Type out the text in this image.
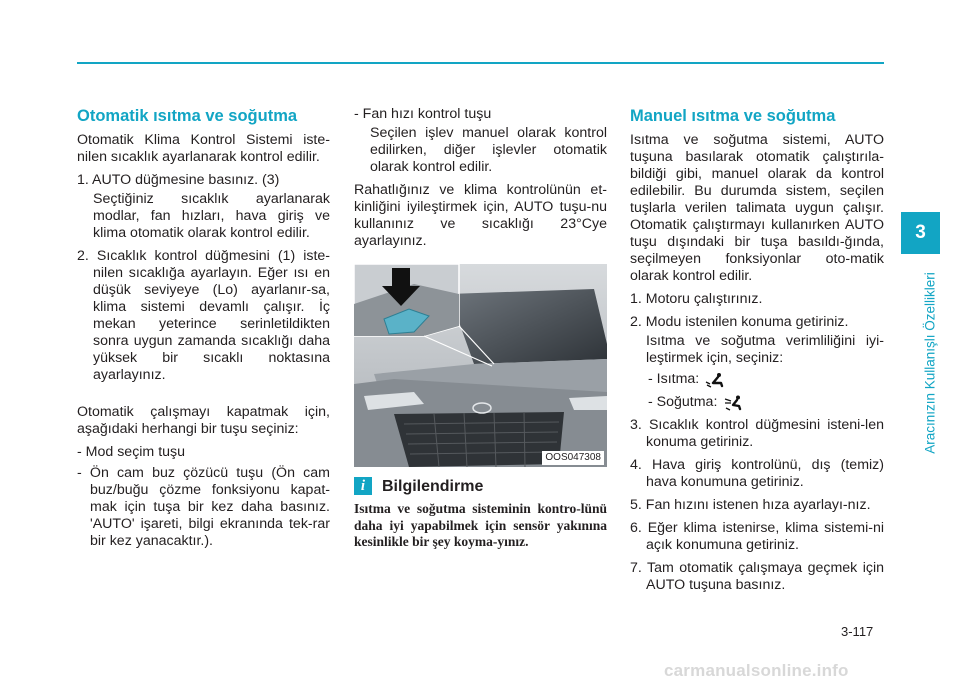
Otomatik ısıtma ve soğutma

Otomatik Klima Kontrol Sistemi iste-nilen sıcaklık ayarlanarak kontrol edilir.

1. AUTO düğmesine basınız. (3)
Seçtiğiniz sıcaklık ayarlanarak modlar, fan hızları, hava giriş ve klima otomatik olarak kontrol edilir.
2. Sıcaklık kontrol düğmesini (1) iste-nilen sıcaklığa ayarlayın. Eğer ısı en düşük seviyeye (Lo) ayarlanır-sa, klima sistemi devamlı çalışır. İç mekan yeterince serinletildikten sonra uygun zamanda sıcaklığı daha yüksek bir sıcaklı noktasına ayarlayınız.

Otomatik çalışmayı kapatmak için, aşağıdaki herhangi bir tuşu seçiniz:

- Mod seçim tuşu
- Ön cam buz çözücü tuşu (Ön cam buz/buğu çözme fonksiyonu kapat-mak için tuşa bir kez daha basınız. 'AUTO' işareti, bilgi ekranında tek-rar bir kez yanacaktır.).
- Fan hızı kontrol tuşu
Seçilen işlev manuel olarak kontrol edilirken, diğer işlevler otomatik olarak kontrol edilir.

Rahatlığınız ve klima kontrolünün et-kinliğini iyileştirmek için, AUTO tuşu-nu kullanınız ve sıcaklığı 23°Cye ayarlayınız.

OOS047308
i	Bilgilendirme
Isıtma ve soğutma sisteminin kontro-lünü daha iyi yapabilmek için sensör yakınına kesinlikle bir şey koyma-yınız.
Manuel ısıtma ve soğutma

Isıtma ve soğutma sistemi, AUTO tuşuna basılarak otomatik çalıştırıla-bildiği gibi, manuel olarak da kontrol edilebilir. Bu durumda sistem, seçilen tuşlarla verilen talimata uygun çalışır. Otomatik çalıştırmayı kullanırken AUTO tuşu dışındaki bir tuşa basıldı-ğında, seçilmeyen fonksiyonlar oto-matik olarak kontrol edilir.

1. Motoru çalıştırınız.
2. Modu istenilen konuma getiriniz.
Isıtma ve soğutma verimliliğini iyi-leştirmek için, seçiniz:
- Isıtma:
- Soğutma:
3. Sıcaklık kontrol düğmesini isteni-len konuma getiriniz.
4. Hava giriş kontrolünü, dış (temiz) hava konumuna getiriniz.
5. Fan hızını istenen hıza ayarlayı-nız.
6. Eğer klima istenirse, klima sistemi-ni açık konumuna getiriniz.
7. Tam otomatik çalışmaya geçmek için AUTO tuşuna basınız.
3
Aracınızın Kullanışlı Özellikleri
3-117
carmanualsonline.info
